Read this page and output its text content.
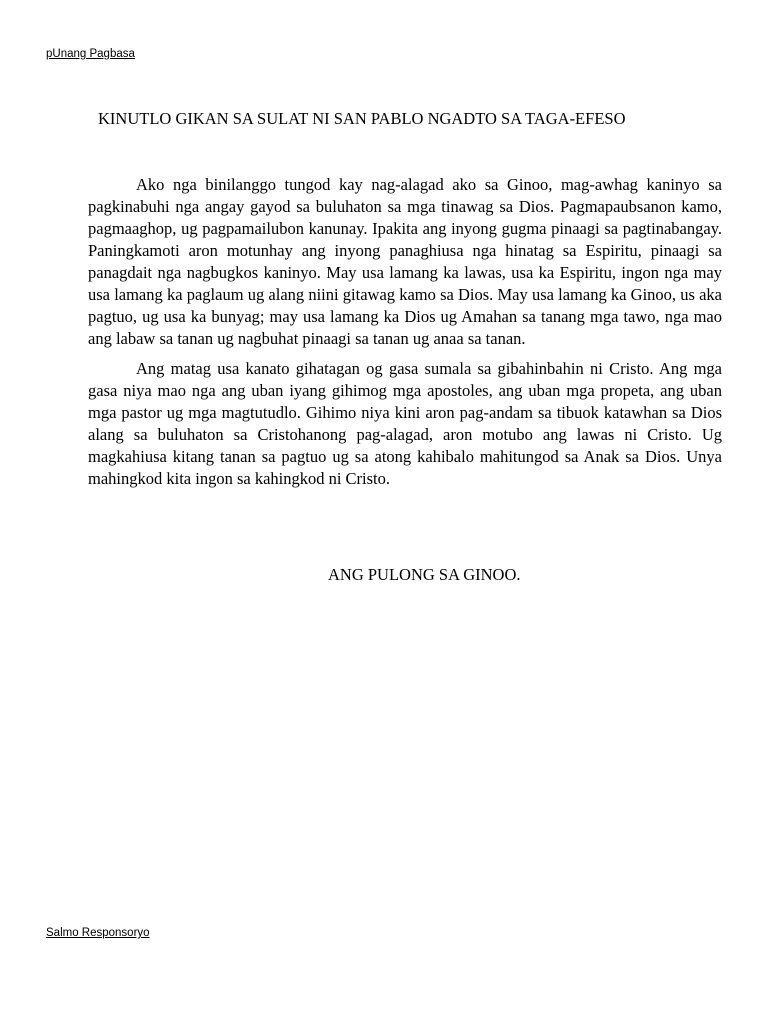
pUnang Pagbasa
KINUTLO GIKAN SA SULAT NI SAN PABLO NGADTO SA TAGA-EFESO

Ako nga binilanggo tungod kay nag-alagad ako sa Ginoo, mag-awhag kaninyo sa pagkinabuhi nga angay gayod sa buluhaton sa mga tinawag sa Dios. Pagmapaubsanon kamo, pagmaaghop, ug pagpamailubon kanunay. Ipakita ang inyong gugma pinaagi sa pagtinabangay. Paningkamoti aron motunhay ang inyong panaghiusa nga hinatag sa Espiritu, pinaagi sa panagdait nga nagbugkos kaninyo. May usa lamang ka lawas, usa ka Espiritu, ingon nga may usa lamang ka paglaum ug alang niini gitawag kamo sa Dios. May usa lamang ka Ginoo, us aka pagtuo, ug usa ka bunyag; may usa lamang ka Dios ug Amahan sa tanang mga tawo, nga mao ang labaw sa tanan ug nagbuhat pinaagi sa tanan ug anaa sa tanan.

Ang matag usa kanato gihatagan og gasa sumala sa gibahinbahin ni Cristo. Ang mga gasa niya mao nga ang uban iyang gihimog mga apostoles, ang uban mga propeta, ang uban mga pastor ug mga magtutudlo. Gihimo niya kini aron pag-andam sa tibuok katawhan sa Dios alang sa buluhaton sa Cristohanong pag-alagad, aron motubo ang lawas ni Cristo. Ug magkahiusa kitang tanan sa pagtuo ug sa atong kahibalo mahitungod sa Anak sa Dios. Unya mahingkod kita ingon sa kahingkod ni Cristo.

ANG PULONG SA GINOO.
Salmo Responsoryo
